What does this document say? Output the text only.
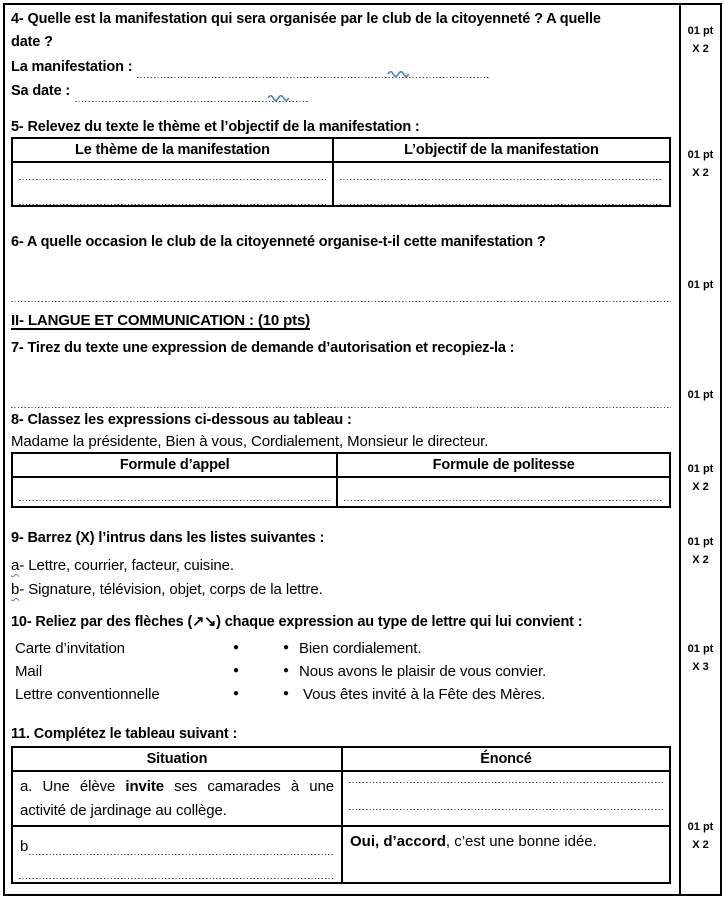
4- Quelle est la manifestation qui sera organisée par le club de la citoyenneté ? A quelle
date ?
La manifestation :
Sa date :
5- Relevez du texte le thème et l’objectif de la manifestation :
Le thème de la manifestation	L’objectif de la manifestation
6- A quelle occasion le club de la citoyenneté organise-t-il cette manifestation ?
II- LANGUE ET COMMUNICATION : (10 pts)
7- Tirez du texte une expression de demande d’autorisation et recopiez-la :
8- Classez les expressions ci-dessous au tableau :
Madame la présidente, Bien à vous, Cordialement, Monsieur le directeur.
Formule d’appel	Formule de politesse
9- Barrez (X) l’intrus dans les listes suivantes :
a- Lettre, courrier, facteur, cuisine.
b- Signature, télévision, objet, corps de la lettre.
10- Reliez par des flèches (↗↘) chaque expression au type de lettre qui lui convient :
Carte d’invitation	●	● Bien cordialement.
Mail	●	● Nous avons le plaisir de vous convier.
Lettre conventionnelle	●	● Vous êtes invité à la Fête des Mères.
11. Complétez le tableau suivant :
Situation	Énoncé
a. Une élève invite ses camarades à une activité de jardinage au collège.
b	Oui, d’accord, c’est une bonne idée.
01 pt
X 2
01 pt
X 2
01 pt
01 pt
01 pt
X 2
01 pt
X 2
01 pt
X 3
01 pt
X 2
